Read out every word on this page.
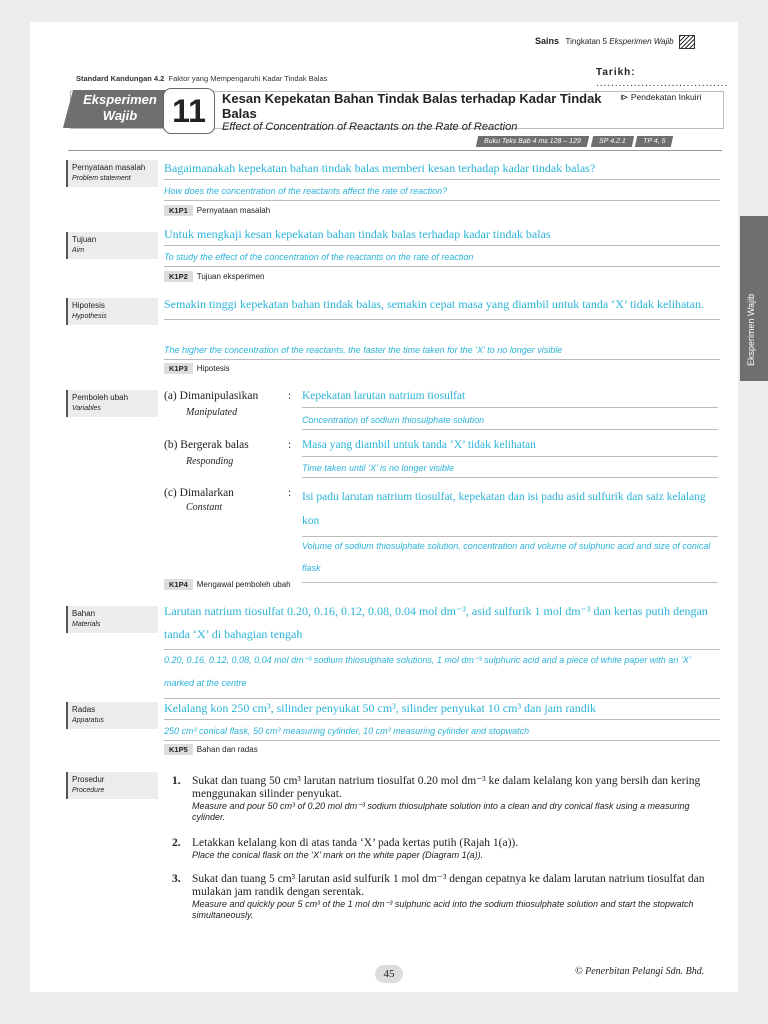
Sains Tingkatan 5 Eksperimen Wajib
Standard Kandungan 4.2 Faktor yang Mempengaruhi Kadar Tindak Balas
Tarikh: ...................................
Eksperimen
Wajib	11	Kesan Kepekatan Bahan Tindak Balas terhadap Kadar Tindak Balas
Effect of Concentration of Reactants on the Rate of Reaction
⧐ Pendekatan Inkuiri
Buku Teks Bab 4 ms 128 – 129 SP 4.2.1 TP 4, 5
Pernyataan masalah
Problem statement
Bagaimanakah kepekatan bahan tindak balas memberi kesan terhadap kadar tindak balas?
How does the concentration of the reactants affect the rate of reaction?
K1P1 Pernyataan masalah
Tujuan
Aim
Untuk mengkaji kesan kepekatan bahan tindak balas terhadap kadar tindak balas
To study the effect of the concentration of the reactants on the rate of reaction
K1P2 Tujuan eksperimen
Hipotesis
Hypothesis
Semakin tinggi kepekatan bahan tindak balas, semakin cepat masa yang diambil untuk tanda ‘X’ tidak kelihatan.
The higher the concentration of the reactants, the faster the time taken for the ‘X’ to no longer visible
K1P3 Hipotesis
Pemboleh ubah
Variables
(a) Dimanipulasikan
Manipulated
: Kepekatan larutan natrium tiosulfat
Concentration of sodium thiosulphate solution
(b) Bergerak balas
Responding
: Masa yang diambil untuk tanda ‘X’ tidak kelihatan
Time taken until ‘X’ is no longer visible
(c) Dimalarkan
Constant
: Isi padu larutan natrium tiosulfat, kepekatan dan isi padu asid sulfurik dan saiz kelalang kon
Volume of sodium thiosulphate solution, concentration and volume of sulphuric acid and size of conical flask
K1P4 Mengawal pemboleh ubah
Bahan
Materials
Larutan natrium tiosulfat 0.20, 0.16, 0.12, 0.08, 0.04 mol dm⁻³, asid sulfurik 1 mol dm⁻³ dan kertas putih dengan tanda ‘X’ di bahagian tengah
0.20, 0.16, 0.12, 0.08, 0.04 mol dm⁻³ sodium thiosulphate solutions, 1 mol dm⁻³ sulphuric acid and a piece of white paper with an ‘X’ marked at the centre
Radas
Apparatus
Kelalang kon 250 cm³, silinder penyukat 50 cm³, silinder penyukat 10 cm³ dan jam randik
250 cm³ conical flask, 50 cm³ measuring cylinder, 10 cm³ measuring cylinder and stopwatch
K1P5 Bahan dan radas
Prosedur
Procedure
1. Sukat dan tuang 50 cm³ larutan natrium tiosulfat 0.20 mol dm⁻³ ke dalam kelalang kon yang bersih dan kering menggunakan silinder penyukat.
Measure and pour 50 cm³ of 0.20 mol dm⁻³ sodium thiosulphate solution into a clean and dry conical flask using a measuring cylinder.
2. Letakkan kelalang kon di atas tanda ‘X’ pada kertas putih (Rajah 1(a)).
Place the conical flask on the ‘X’ mark on the white paper (Diagram 1(a)).
3. Sukat dan tuang 5 cm³ larutan asid sulfurik 1 mol dm⁻³ dengan cepatnya ke dalam larutan natrium tiosulfat dan mulakan jam randik dengan serentak.
Measure and quickly pour 5 cm³ of the 1 mol dm⁻³ sulphuric acid into the sodium thiosulphate solution and start the stopwatch simultaneously.
45	© Penerbitan Pelangi Sdn. Bhd.
Eksperimen Wajib
